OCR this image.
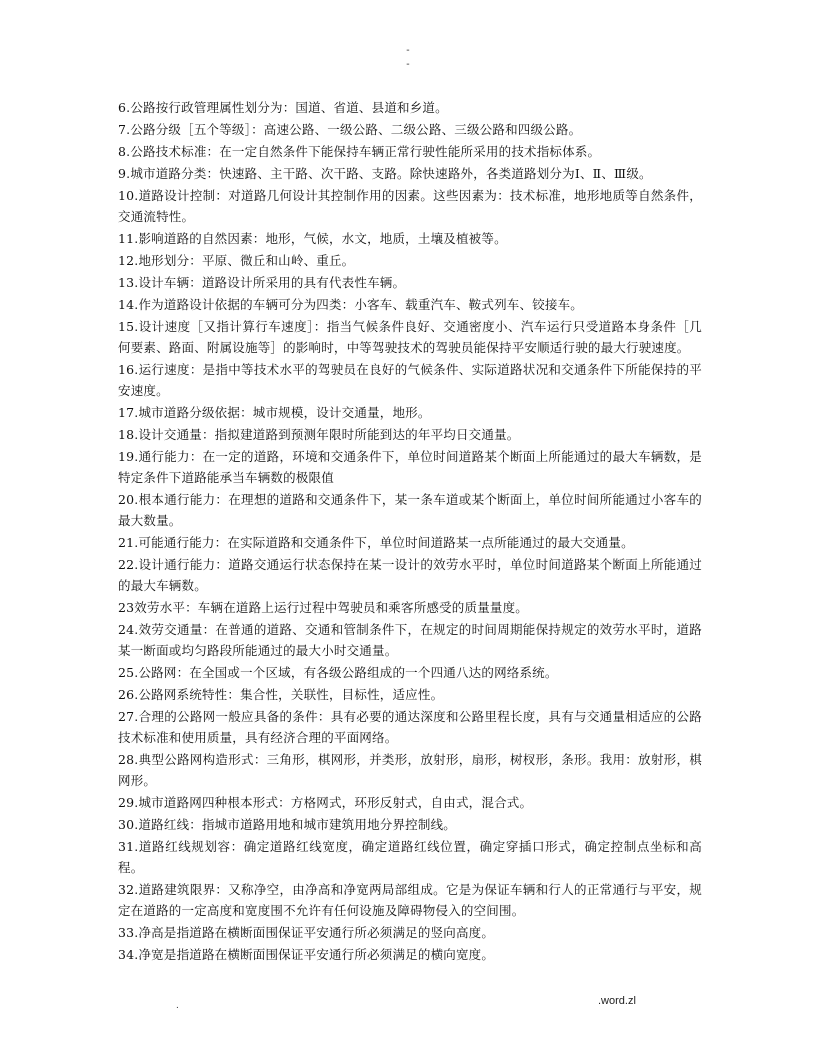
-
-

6.公路按行政管理属性划分为：国道、省道、县道和乡道。

7.公路分级［五个等级］：高速公路、一级公路、二级公路、三级公路和四级公路。

8.公路技术标准：在一定自然条件下能保持车辆正常行驶性能所采用的技术指标体系。

9.城市道路分类：快速路、主干路、次干路、支路。除快速路外，各类道路划分为Ⅰ、Ⅱ、Ⅲ级。

10.道路设计控制：对道路几何设计其控制作用的因素。这些因素为：技术标准，地形地质等自然条件，交通流特性。

11.影响道路的自然因素：地形，气候，水文，地质，土壤及植被等。

12.地形划分：平原、微丘和山岭、重丘。

13.设计车辆：道路设计所采用的具有代表性车辆。

14.作为道路设计依据的车辆可分为四类：小客车、载重汽车、鞍式列车、铰接车。

15.设计速度［又指计算行车速度］：指当气候条件良好、交通密度小、汽车运行只受道路本身条件［几何要素、路面、附属设施等］的影响时，中等驾驶技术的驾驶员能保持平安顺适行驶的最大行驶速度。

16.运行速度：是指中等技术水平的驾驶员在良好的气候条件、实际道路状况和交通条件下所能保持的平安速度。

17.城市道路分级依据：城市规模，设计交通量，地形。

18.设计交通量：指拟建道路到预测年限时所能到达的年平均日交通量。

19.通行能力：在一定的道路，环境和交通条件下，单位时间道路某个断面上所能通过的最大车辆数，是特定条件下道路能承当车辆数的极限值

20.根本通行能力：在理想的道路和交通条件下，某一条车道或某个断面上，单位时间所能通过小客车的最大数量。

21.可能通行能力：在实际道路和交通条件下，单位时间道路某一点所能通过的最大交通量。

22.设计通行能力：道路交通运行状态保持在某一设计的效劳水平时，单位时间道路某个断面上所能通过的最大车辆数。

23效劳水平：车辆在道路上运行过程中驾驶员和乘客所感受的质量量度。

24.效劳交通量：在普通的道路、交通和管制条件下，在规定的时间周期能保持规定的效劳水平时，道路某一断面或均匀路段所能通过的最大小时交通量。

25.公路网：在全国或一个区域，有各级公路组成的一个四通八达的网络系统。

26.公路网系统特性：集合性，关联性，目标性，适应性。

27.合理的公路网一般应具备的条件：具有必要的通达深度和公路里程长度，具有与交通量相适应的公路技术标准和使用质量，具有经济合理的平面网络。

28.典型公路网构造形式：三角形，棋网形，并类形，放射形，扇形，树杈形，条形。我用：放射形，棋网形。

29.城市道路网四种根本形式：方格网式，环形反射式，自由式，混合式。

30.道路红线：指城市道路用地和城市建筑用地分界控制线。

31.道路红线规划容：确定道路红线宽度，确定道路红线位置，确定穿插口形式，确定控制点坐标和高程。

32.道路建筑限界：又称净空，由净高和净宽两局部组成。它是为保证车辆和行人的正常通行与平安，规定在道路的一定高度和宽度围不允许有任何设施及障碍物侵入的空间围。

33.净高是指道路在横断面围保证平安通行所必须满足的竖向高度。

34.净宽是指道路在横断面围保证平安通行所必须满足的横向宽度。

.	.word.zl
